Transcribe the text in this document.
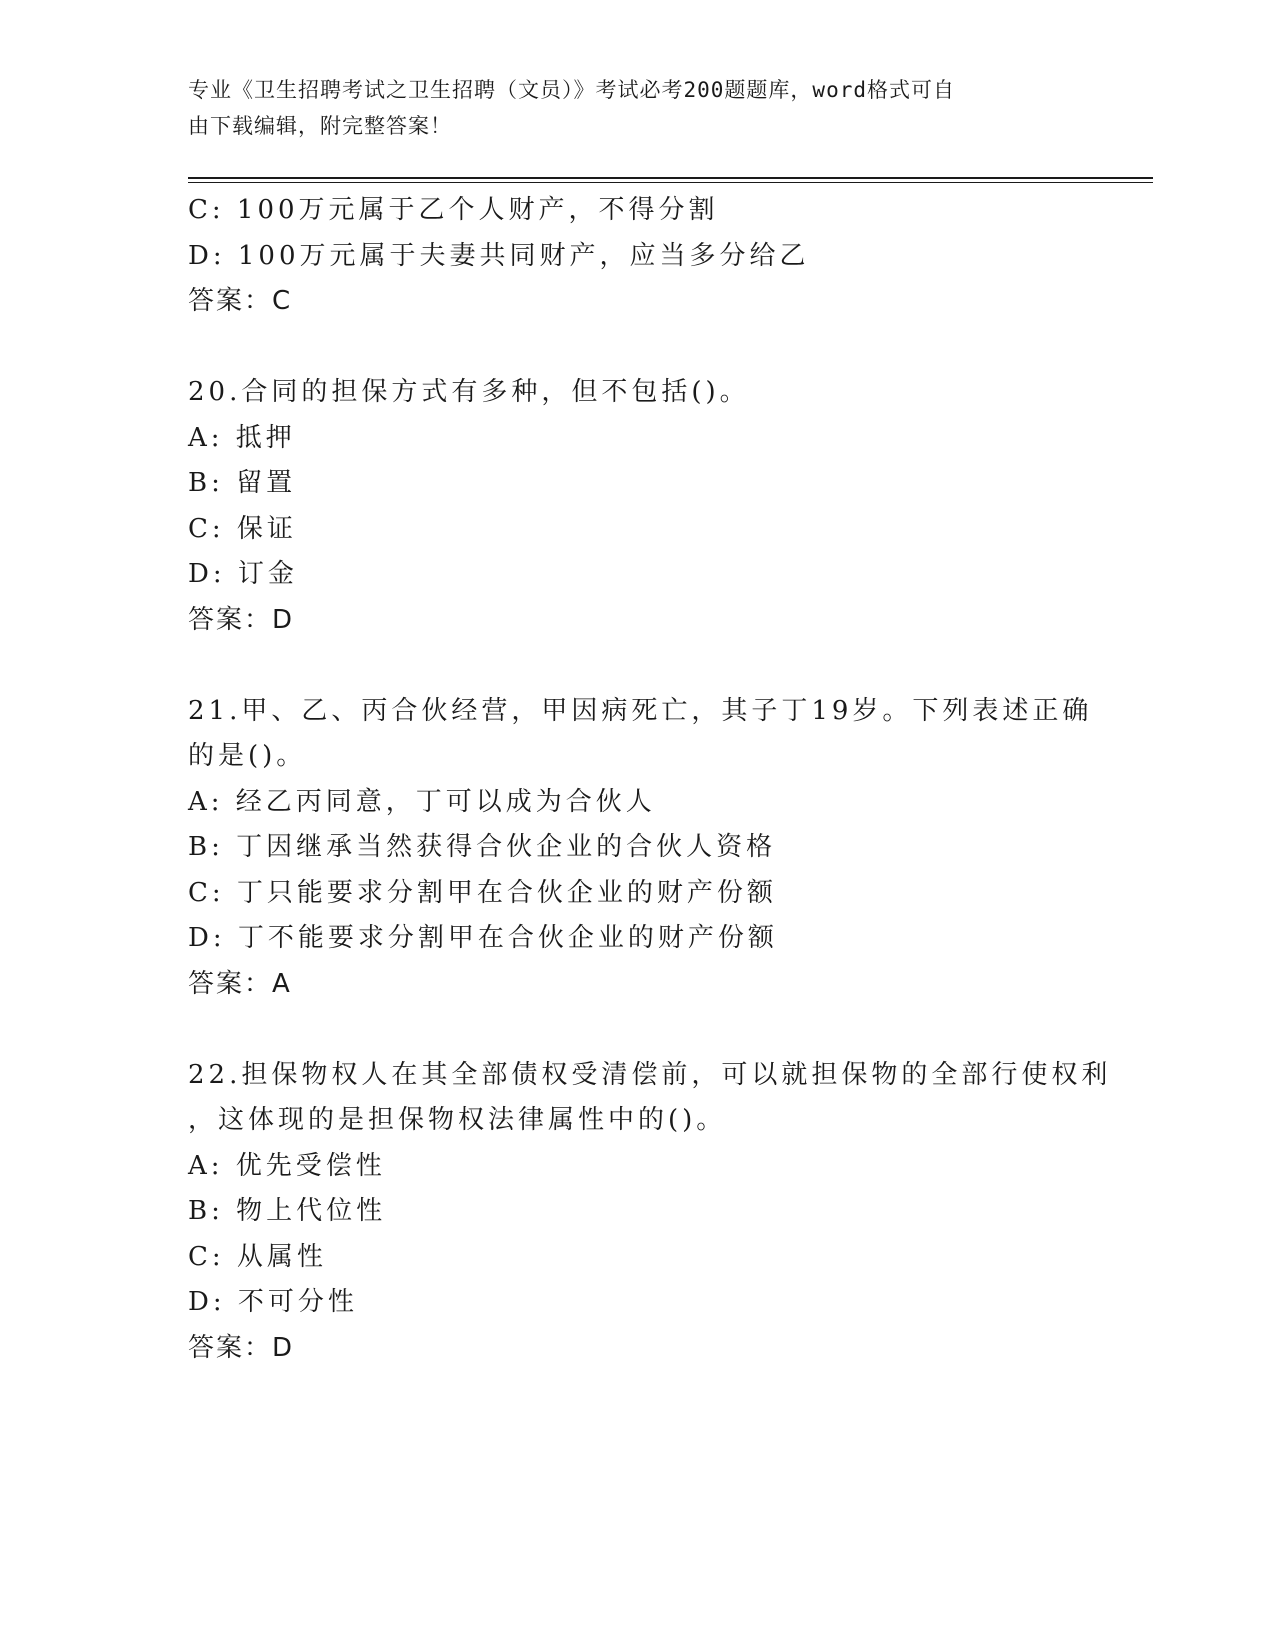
专业《卫生招聘考试之卫生招聘（文员）》考试必考200题题库，word格式可自
由下载编辑，附完整答案！
C: 100万元属于乙个人财产，不得分割
D: 100万元属于夫妻共同财产，应当多分给乙
答案：C
20.合同的担保方式有多种，但不包括()。
A: 抵押
B: 留置
C: 保证
D: 订金
答案：D
21.甲、乙、丙合伙经营，甲因病死亡，其子丁19岁。下列表述正确
的是()。
A: 经乙丙同意，丁可以成为合伙人
B: 丁因继承当然获得合伙企业的合伙人资格
C: 丁只能要求分割甲在合伙企业的财产份额
D: 丁不能要求分割甲在合伙企业的财产份额
答案：A
22.担保物权人在其全部债权受清偿前，可以就担保物的全部行使权利
，这体现的是担保物权法律属性中的()。
A: 优先受偿性
B: 物上代位性
C: 从属性
D: 不可分性
答案：D
